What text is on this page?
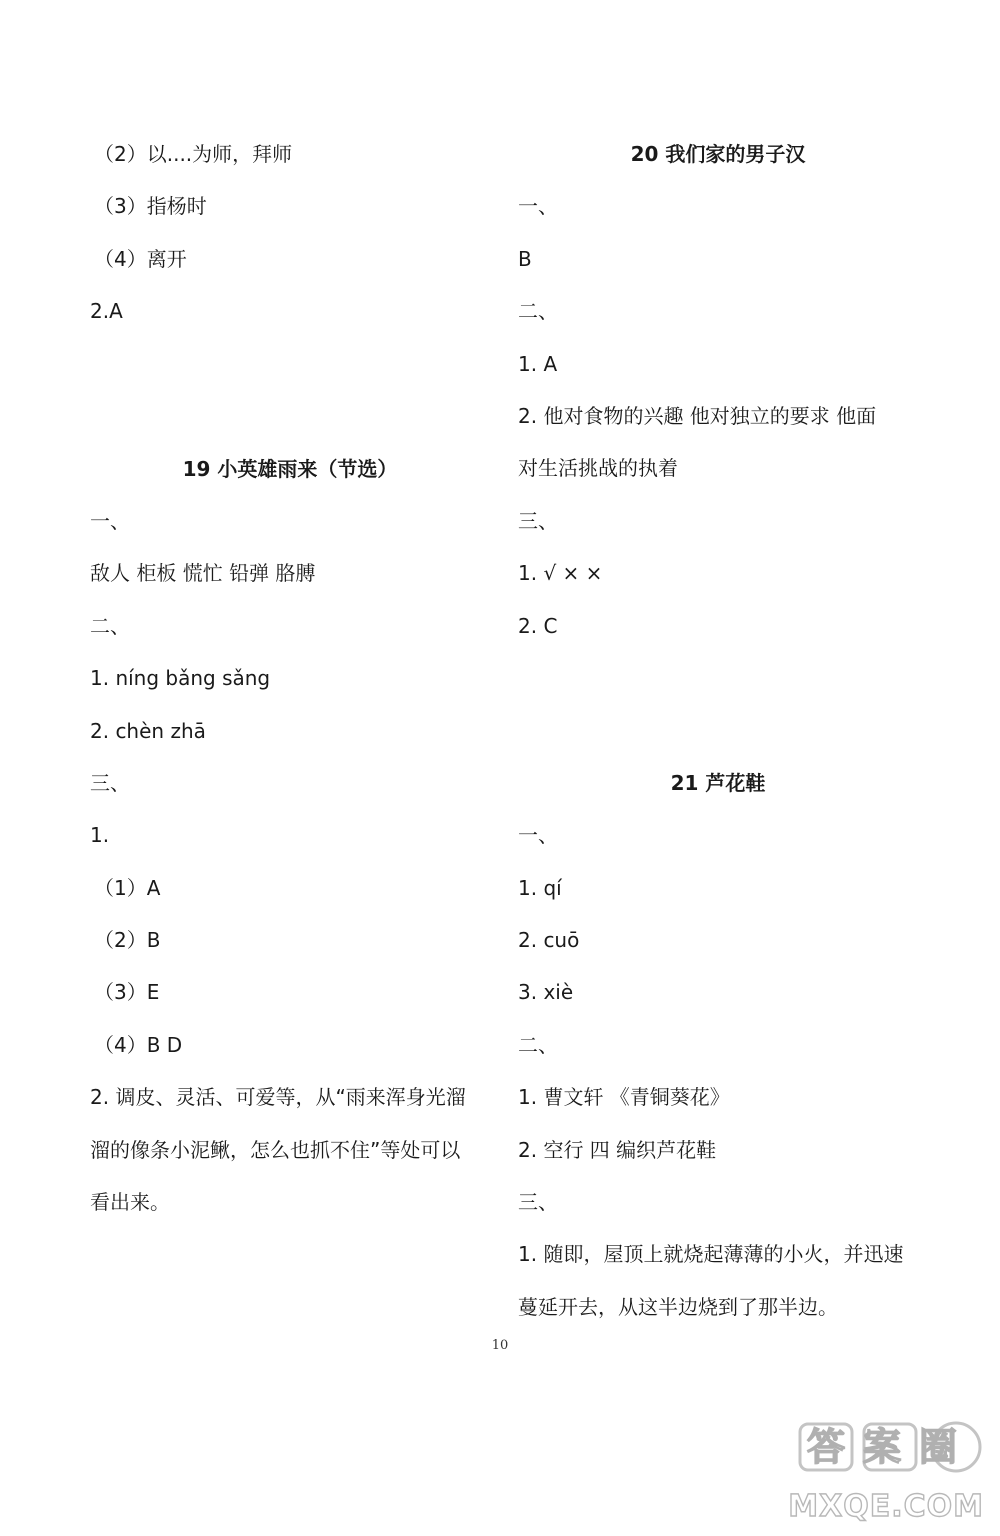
（2）以....为师，拜师
（3）指杨时
（4）离开
2.A
19 小英雄雨来（节选）
一、
敌人 柜板 慌忙 铅弹 胳膊
二、
1. níng bǎng sǎng
2. chèn zhā
三、
1.
（1）A
（2）B
（3）E
（4）B D
2. 调皮、灵活、可爱等，从“雨来浑身光溜
溜的像条小泥鳅，怎么也抓不住”等处可以
看出来。
20 我们家的男子汉
一、
B
二、
1. A
2. 他对食物的兴趣 他对独立的要求 他面
对生活挑战的执着
三、
1. √ × ×
2. C
21 芦花鞋
一、
1. qí
2. cuō
3. xiè
二、
1. 曹文轩 《青铜葵花》
2. 空行 四 编织芦花鞋
三、
1. 随即，屋顶上就烧起薄薄的小火，并迅速
蔓延开去，从这半边烧到了那半边。
10
答案圈
MXQE.COM
